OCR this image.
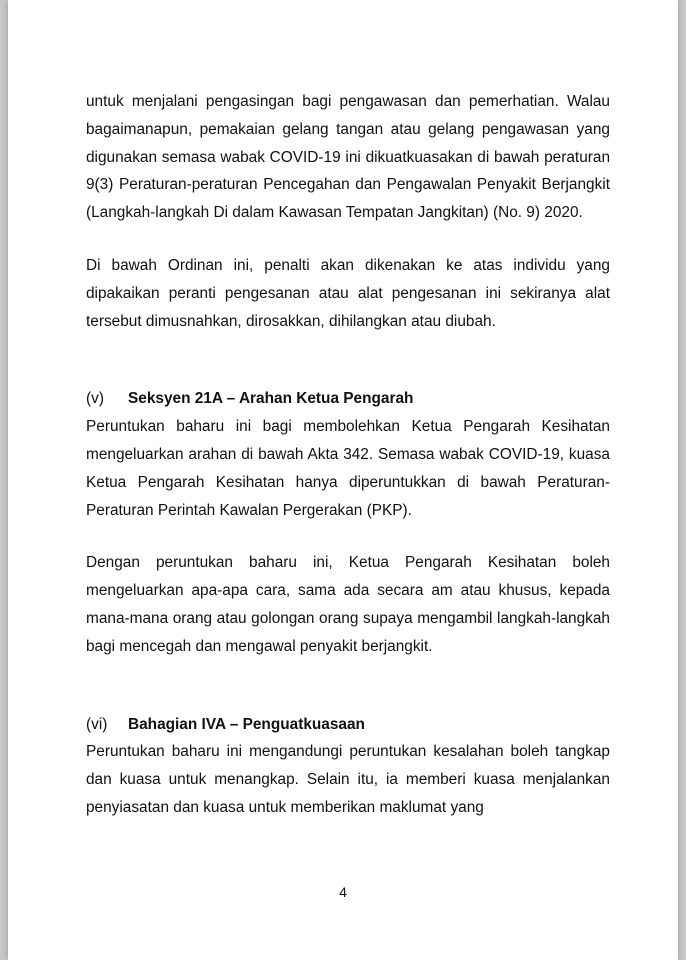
untuk menjalani pengasingan bagi pengawasan dan pemerhatian. Walau bagaimanapun, pemakaian gelang tangan atau gelang pengawasan yang digunakan semasa wabak COVID-19 ini dikuatkuasakan di bawah peraturan 9(3) Peraturan-peraturan Pencegahan dan Pengawalan Penyakit Berjangkit (Langkah-langkah Di dalam Kawasan Tempatan Jangkitan) (No. 9) 2020.

Di bawah Ordinan ini, penalti akan dikenakan ke atas individu yang dipakaikan peranti pengesanan atau alat pengesanan ini sekiranya alat tersebut dimusnahkan, dirosakkan, dihilangkan atau diubah.

(v)	Seksyen 21A – Arahan Ketua Pengarah

Peruntukan baharu ini bagi membolehkan Ketua Pengarah Kesihatan mengeluarkan arahan di bawah Akta 342. Semasa wabak COVID-19, kuasa Ketua Pengarah Kesihatan hanya diperuntukkan di bawah Peraturan-Peraturan Perintah Kawalan Pergerakan (PKP).

Dengan peruntukan baharu ini, Ketua Pengarah Kesihatan boleh mengeluarkan apa-apa cara, sama ada secara am atau khusus, kepada mana-mana orang atau golongan orang supaya mengambil langkah-langkah bagi mencegah dan mengawal penyakit berjangkit.

(vi)	Bahagian IVA – Penguatkuasaan

Peruntukan baharu ini mengandungi peruntukan kesalahan boleh tangkap dan kuasa untuk menangkap. Selain itu, ia memberi kuasa menjalankan penyiasatan dan kuasa untuk memberikan maklumat yang

4
